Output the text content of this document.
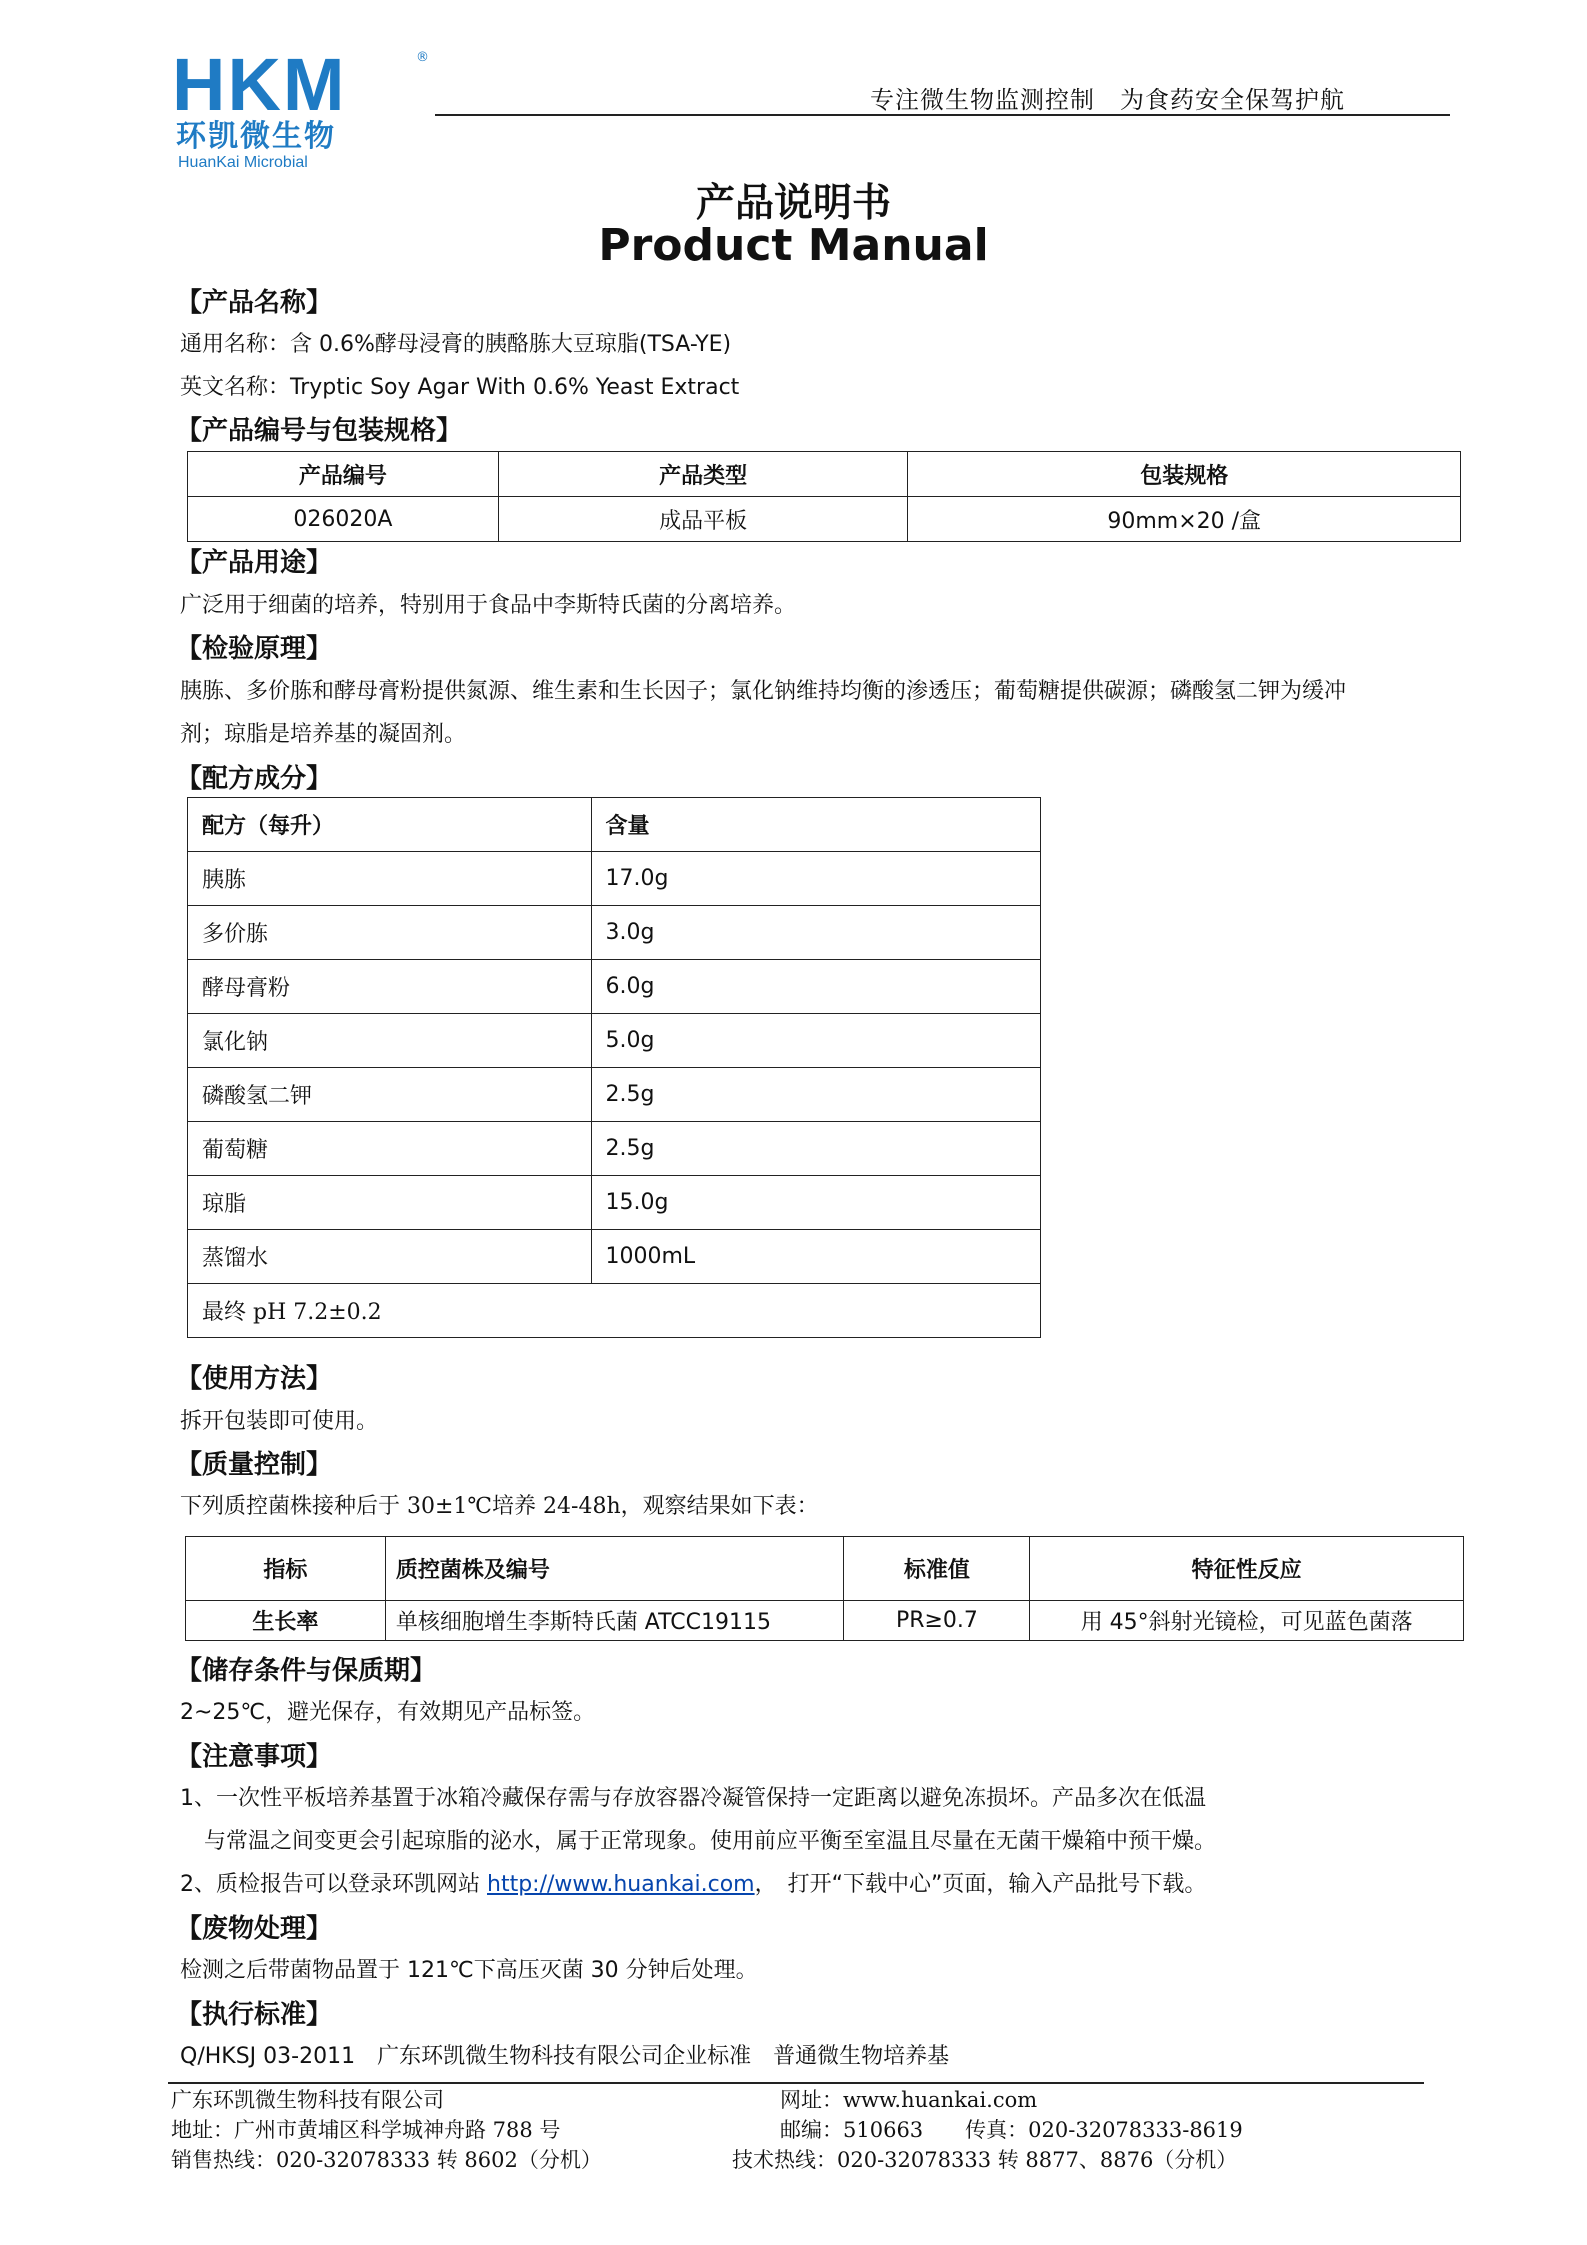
HKM	®
环凯微生物
HuanKai Microbial
专注微生物监测控制　为食药安全保驾护航
产品说明书
Product Manual
【产品名称】
通用名称：含 0.6%酵母浸膏的胰酪胨大豆琼脂(TSA-YE)
英文名称：Tryptic Soy Agar With 0.6% Yeast Extract
【产品编号与包装规格】
产品编号	产品类型	包装规格
026020A	成品平板	90mm×20 /盒
【产品用途】
广泛用于细菌的培养，特别用于食品中李斯特氏菌的分离培养。
【检验原理】
胰胨、多价胨和酵母膏粉提供氮源、维生素和生长因子；氯化钠维持均衡的渗透压；葡萄糖提供碳源；磷酸氢二钾为缓冲
剂；琼脂是培养基的凝固剂。
【配方成分】
配方（每升）	含量
胰胨	17.0g
多价胨	3.0g
酵母膏粉	6.0g
氯化钠	5.0g
磷酸氢二钾	2.5g
葡萄糖	2.5g
琼脂	15.0g
蒸馏水	1000mL
最终 pH 7.2±0.2	
【使用方法】
拆开包装即可使用。
【质量控制】
下列质控菌株接种后于 30±1℃培养 24-48h，观察结果如下表：
指标	质控菌株及编号	标准值	特征性反应
生长率	单核细胞增生李斯特氏菌 ATCC19115	PR≥0.7	用 45°斜射光镜检，可见蓝色菌落
【储存条件与保质期】
2~25℃，避光保存，有效期见产品标签。
【注意事项】
1、一次性平板培养基置于冰箱冷藏保存需与存放容器冷凝管保持一定距离以避免冻损坏。产品多次在低温
与常温之间变更会引起琼脂的泌水，属于正常现象。使用前应平衡至室温且尽量在无菌干燥箱中预干燥。
2、质检报告可以登录环凯网站 http://www.huankai.com，　打开“下载中心”页面，输入产品批号下载。
【废物处理】
检测之后带菌物品置于 121℃下高压灭菌 30 分钟后处理。
【执行标准】
Q/HKSJ 03-2011　广东环凯微生物科技有限公司企业标准　普通微生物培养基
广东环凯微生物科技有限公司
地址：广州市黄埔区科学城神舟路 788 号
销售热线：020-32078333 转 8602（分机）
网址：www.huankai.com
邮编：510663　　传真：020-32078333-8619
技术热线：020-32078333 转 8877、8876（分机）
